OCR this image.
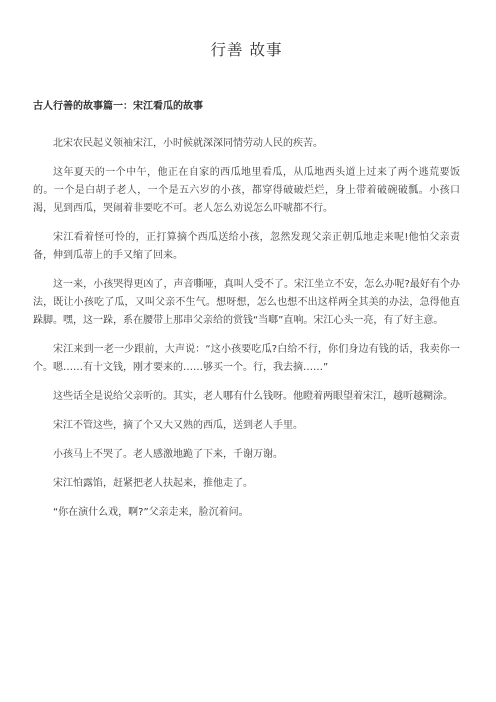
行善 故事
古人行善的故事篇一：宋江看瓜的故事

北宋农民起义领袖宋江，小时候就深深同情劳动人民的疾苦。

这年夏天的一个中午，他正在自家的西瓜地里看瓜，从瓜地西头道上过来了两个逃荒要饭的。一个是白胡子老人，一个是五六岁的小孩，都穿得破破烂烂，身上带着破碗破瓢。小孩口渴，见到西瓜，哭闹着非要吃不可。老人怎么劝说怎么吓唬都不行。

宋江看着怪可怜的，正打算摘个西瓜送给小孩，忽然发现父亲正朝瓜地走来呢!他怕父亲责备，伸到瓜蒂上的手又缩了回来。

这一来，小孩哭得更凶了，声音嘶哑，真叫人受不了。宋江坐立不安，怎么办呢?最好有个办法，既让小孩吃了瓜，又叫父亲不生气。想呀想，怎么也想不出这样两全其美的办法，急得他直跺脚。嘿，这一跺，系在腰带上那串父亲给的赏钱“当啷”直响。宋江心头一亮，有了好主意。

宋江来到一老一少跟前，大声说：“这小孩要吃瓜?白给不行，你们身边有钱的话，我卖你一个。嗯……有十文钱，刚才要来的……够买一个。行，我去摘……”

这些话全是说给父亲听的。其实，老人哪有什么钱呀。他瞪着两眼望着宋江，越听越糊涂。

宋江不管这些，摘了个又大又熟的西瓜，送到老人手里。

小孩马上不哭了。老人感激地跪了下来，千谢万谢。

宋江怕露馅，赶紧把老人扶起来，推他走了。

“你在演什么戏，啊?”父亲走来，脸沉着问。
